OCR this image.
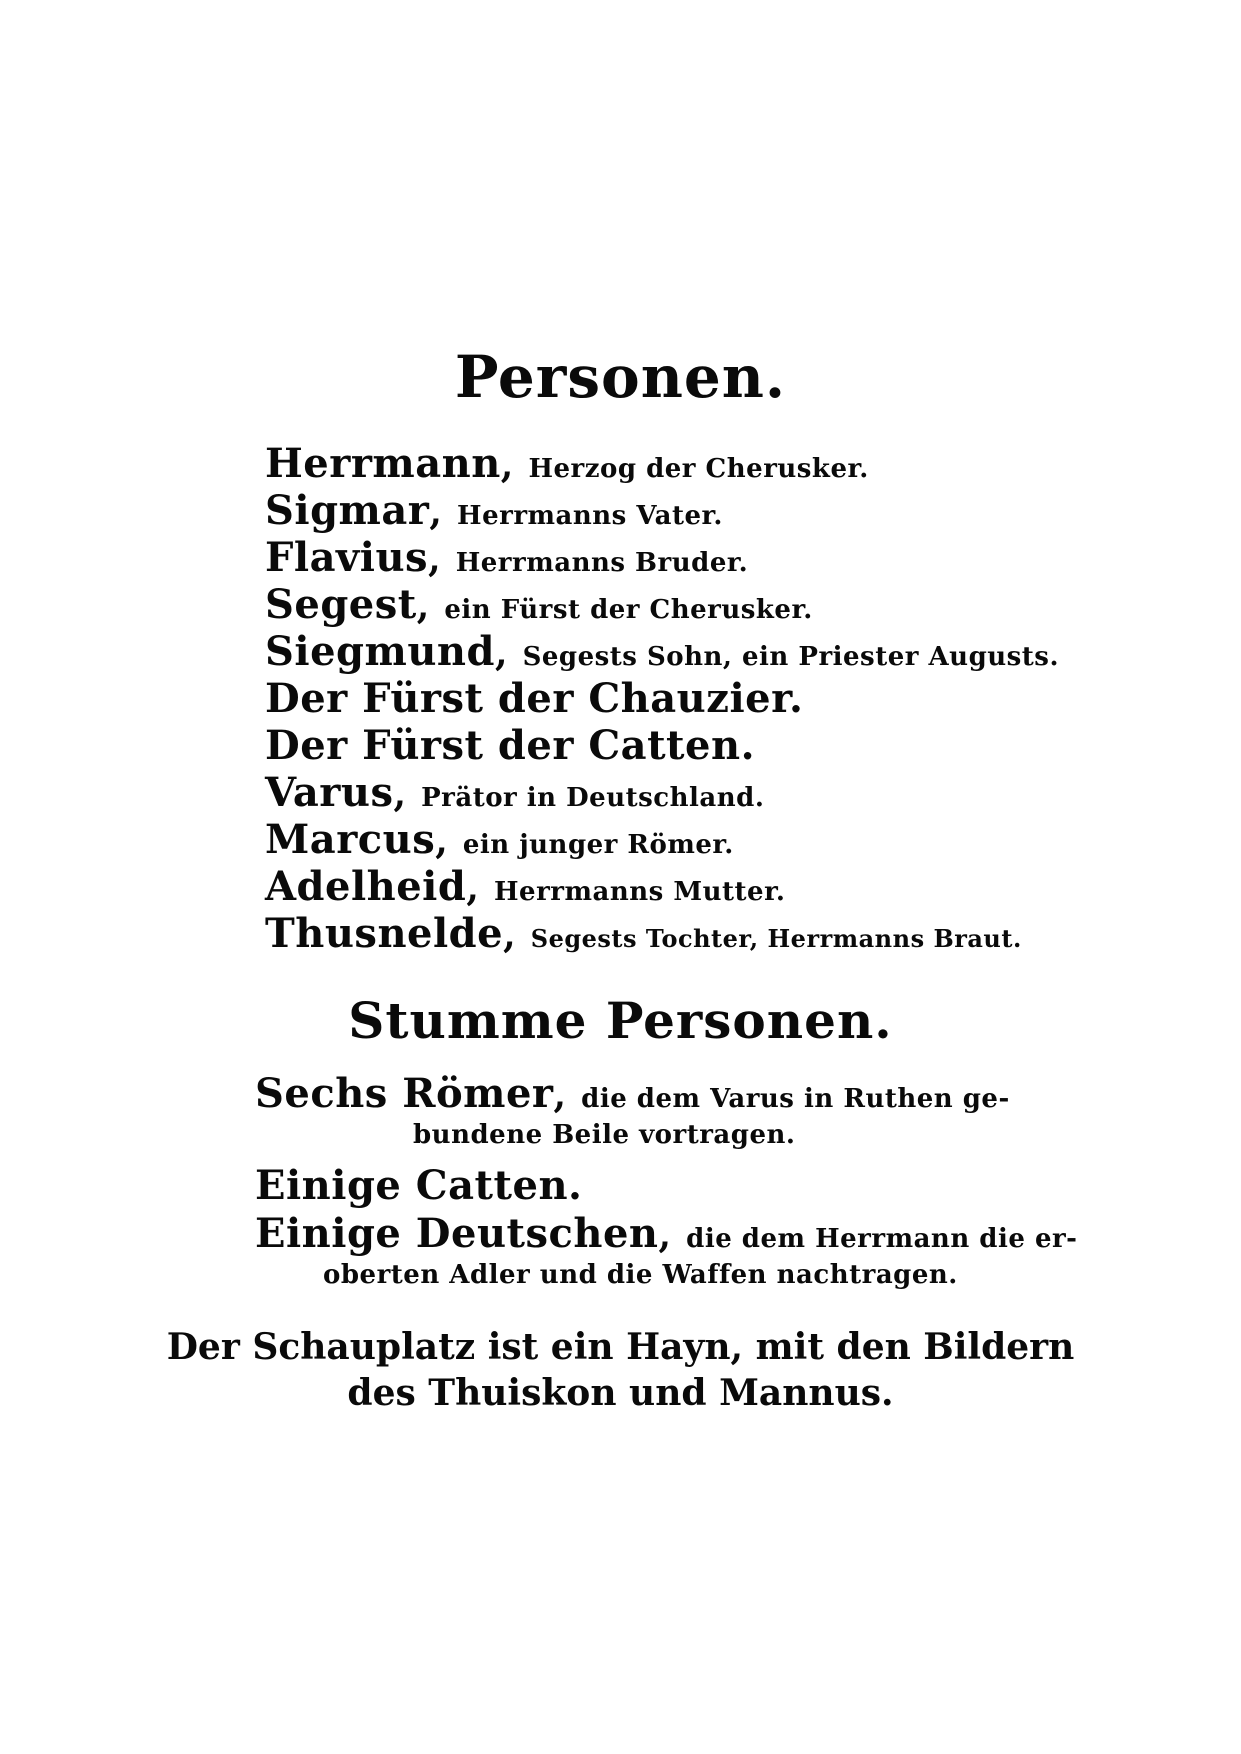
Personen.
Herrmann, Herzog der Cherusker.
Sigmar, Herrmanns Vater.
Flavius, Herrmanns Bruder.
Segest, ein Fürst der Cherusker.
Siegmund, Segests Sohn, ein Priester Augusts.
Der Fürst der Chauzier.
Der Fürst der Catten.
Varus, Prätor in Deutschland.
Marcus, ein junger Römer.
Adelheid, Herrmanns Mutter.
Thusnelde, Segests Tochter, Herrmanns Braut.
Stumme Personen.
Sechs Römer, die dem Varus in Ruthen ge-
bundene Beile vortragen.
Einige Catten.
Einige Deutschen, die dem Herrmann die er-
oberten Adler und die Waffen nachtragen.
Der Schauplatz ist ein Hayn, mit den Bildern
des Thuiskon und Mannus.
